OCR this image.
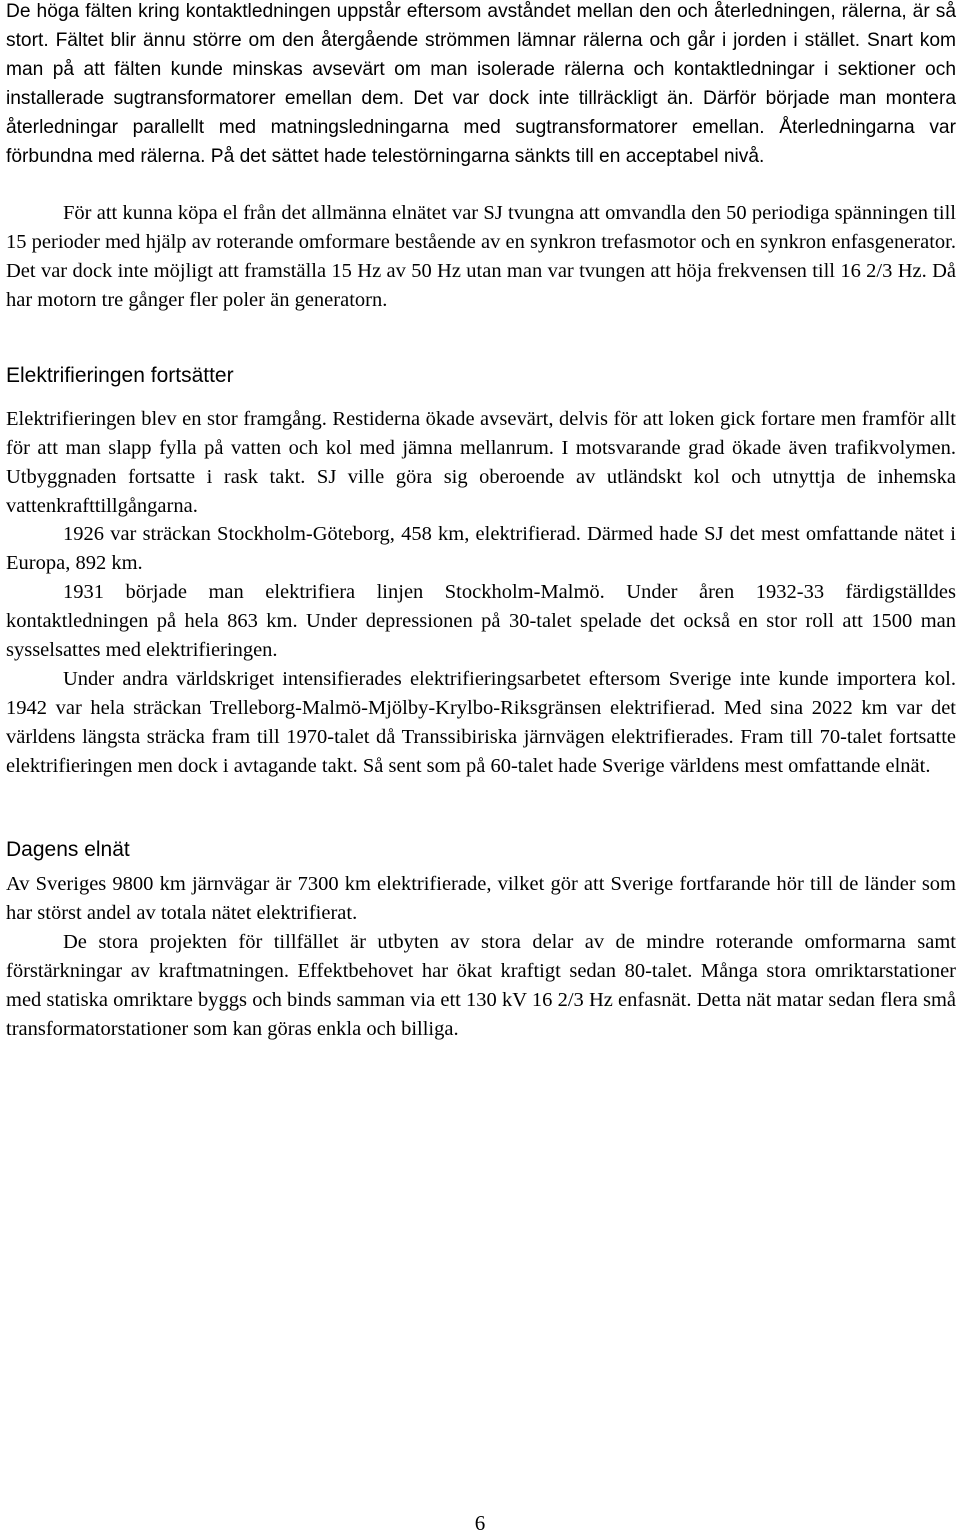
De höga fälten kring kontaktledningen uppstår eftersom avståndet mellan den och återledningen, rälerna, är så stort. Fältet blir ännu större om den återgående strömmen lämnar rälerna och går i jorden i stället. Snart kom man på att fälten kunde minskas avsevärt om man isolerade rälerna och kontaktledningar i sektioner och installerade sugtransformatorer emellan dem. Det var dock inte tillräckligt än. Därför började man montera återledningar parallellt med matningsledningarna med sugtransformatorer emellan. Återledningarna var förbundna med rälerna. På det sättet hade telestörningarna sänkts till en acceptabel nivå.

För att kunna köpa el från det allmänna elnätet var SJ tvungna att omvandla den 50 periodiga spänningen till 15 perioder med hjälp av roterande omformare bestående av en synkron trefasmotor och en synkron enfasgenerator. Det var dock inte möjligt att framställa 15 Hz av 50 Hz utan man var tvungen att höja frekvensen till 16 2/3 Hz. Då har motorn tre gånger fler poler än generatorn.

Elektrifieringen fortsätter

Elektrifieringen blev en stor framgång. Restiderna ökade avsevärt, delvis för att loken gick fortare men framför allt för att man slapp fylla på vatten och kol med jämna mellanrum. I motsvarande grad ökade även trafikvolymen. Utbyggnaden fortsatte i rask takt. SJ ville göra sig oberoende av utländskt kol och utnyttja de inhemska vattenkrafttillgångarna.

1926 var sträckan Stockholm-Göteborg, 458 km, elektrifierad. Därmed hade SJ det mest omfattande nätet i Europa, 892 km.

1931 började man elektrifiera linjen Stockholm-Malmö. Under åren 1932-33 färdigställdes kontaktledningen på hela 863 km. Under depressionen på 30-talet spelade det också en stor roll att 1500 man sysselsattes med elektrifieringen.

Under andra världskriget intensifierades elektrifieringsarbetet eftersom Sverige inte kunde importera kol. 1942 var hela sträckan Trelleborg-Malmö-Mjölby-Krylbo-Riksgränsen elektrifierad. Med sina 2022 km var det världens längsta sträcka fram till 1970-talet då Transsibiriska järnvägen elektrifierades. Fram till 70-talet fortsatte elektrifieringen men dock i avtagande takt. Så sent som på 60-talet hade Sverige världens mest omfattande elnät.

Dagens elnät

Av Sveriges 9800 km järnvägar är 7300 km elektrifierade, vilket gör att Sverige fortfarande hör till de länder som har störst andel av totala nätet elektrifierat.

De stora projekten för tillfället är utbyten av stora delar av de mindre roterande omformarna samt förstärkningar av kraftmatningen. Effektbehovet har ökat kraftigt sedan 80-talet. Många stora omriktarstationer med statiska omriktare byggs och binds samman via ett 130 kV 16 2/3 Hz enfasnät. Detta nät matar sedan flera små transformatorstationer som kan göras enkla och billiga.

6
